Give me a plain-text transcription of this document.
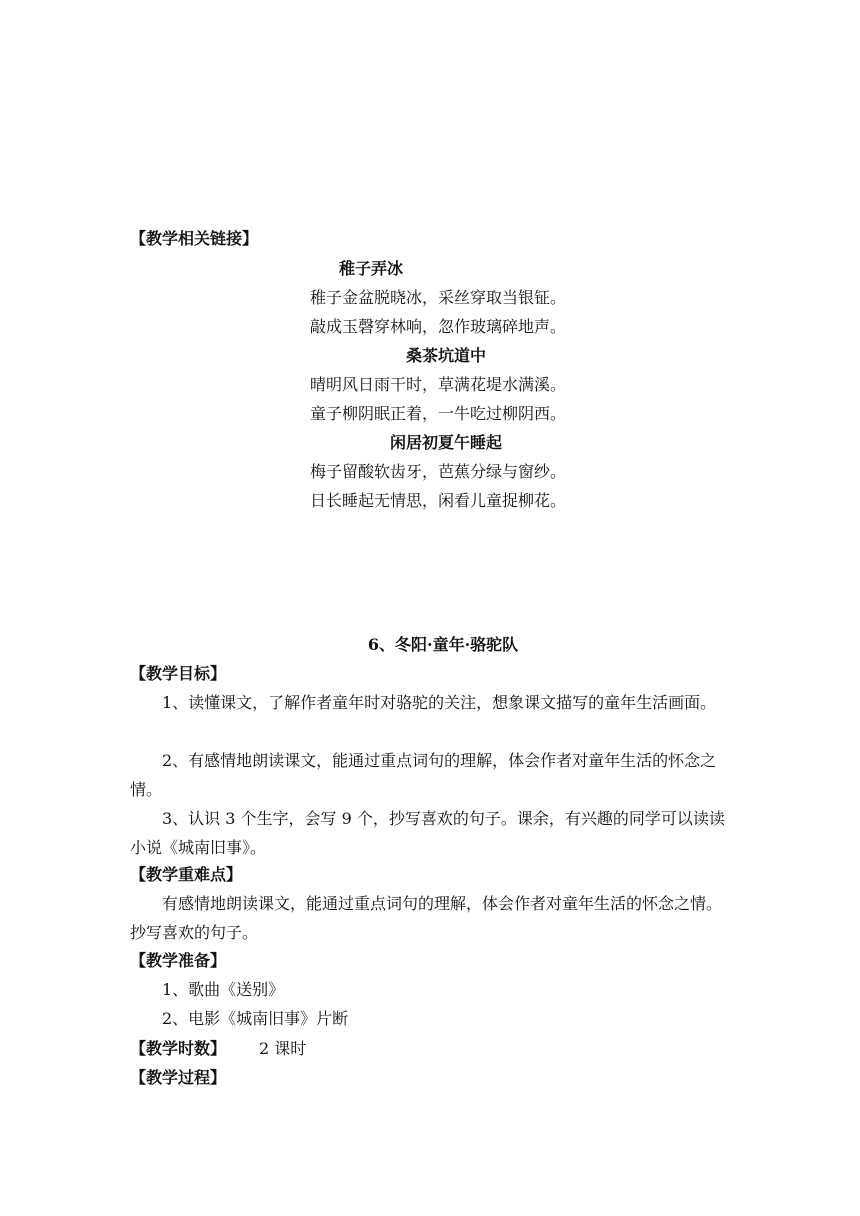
【教学相关链接】
稚子弄冰
稚子金盆脱晓冰，采丝穿取当银钲。
敲成玉磬穿林响，忽作玻璃碎地声。
桑茶坑道中
晴明风日雨干时，草满花堤水满溪。
童子柳阴眠正着，一牛吃过柳阴西。
闲居初夏午睡起
梅子留酸软齿牙，芭蕉分绿与窗纱。
日长睡起无情思，闲看儿童捉柳花。
6、冬阳·童年·骆驼队
【教学目标】
1、读懂课文，了解作者童年时对骆驼的关注，想象课文描写的童年生活画面。
2、有感情地朗读课文，能通过重点词句的理解，体会作者对童年生活的怀念之情。
3、认识 3 个生字，会写 9 个，抄写喜欢的句子。课余，有兴趣的同学可以读读小说《城南旧事》。
【教学重难点】
有感情地朗读课文，能通过重点词句的理解，体会作者对童年生活的怀念之情。抄写喜欢的句子。
【教学准备】
1、歌曲《送别》
2、电影《城南旧事》片断
【教学时数】 2 课时
【教学过程】
